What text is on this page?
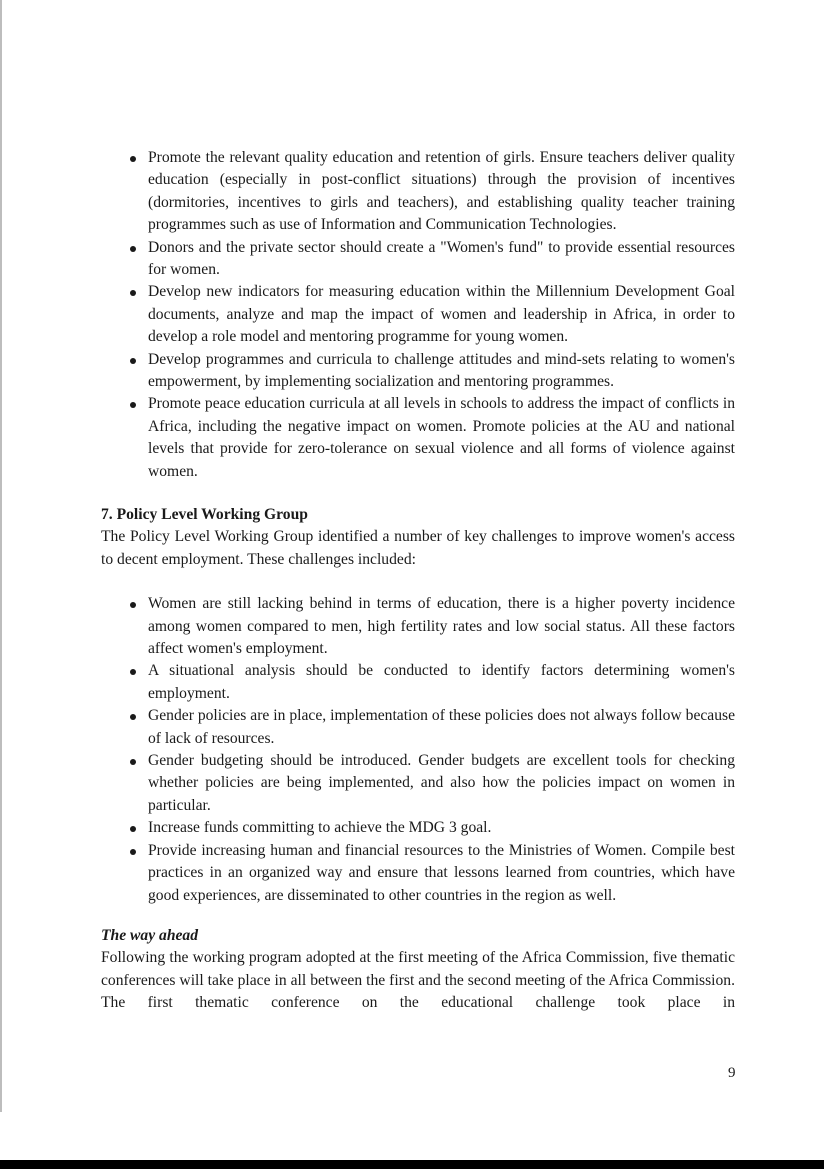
Promote the relevant quality education and retention of girls. Ensure teachers deliver quality education (especially in post-conflict situations) through the provision of incentives (dormitories, incentives to girls and teachers), and establishing quality teacher training programmes such as use of Information and Communication Technologies.
Donors and the private sector should create a "Women's fund" to provide essential resources for women.
Develop new indicators for measuring education within the Millennium Development Goal documents, analyze and map the impact of women and leadership in Africa, in order to develop a role model and mentoring programme for young women.
Develop programmes and curricula to challenge attitudes and mind-sets relating to women's empowerment, by implementing socialization and mentoring programmes.
Promote peace education curricula at all levels in schools to address the impact of conflicts in Africa, including the negative impact on women. Promote policies at the AU and national levels that provide for zero-tolerance on sexual violence and all forms of violence against women.
7. Policy Level Working Group

The Policy Level Working Group identified a number of key challenges to improve women's access to decent employment. These challenges included:

Women are still lacking behind in terms of education, there is a higher poverty incidence among women compared to men, high fertility rates and low social status. All these factors affect women's employment.
A situational analysis should be conducted to identify factors determining women's employment.
Gender policies are in place, implementation of these policies does not always follow because of lack of resources.
Gender budgeting should be introduced. Gender budgets are excellent tools for checking whether policies are being implemented, and also how the policies impact on women in particular.
Increase funds committing to achieve the MDG 3 goal.
Provide increasing human and financial resources to the Ministries of Women. Compile best practices in an organized way and ensure that lessons learned from countries, which have good experiences, are disseminated to other countries in the region as well.
The way ahead

Following the working program adopted at the first meeting of the Africa Commission, five thematic conferences will take place in all between the first and the second meeting of the Africa Commission. The first thematic conference on the educational challenge took place in

9
